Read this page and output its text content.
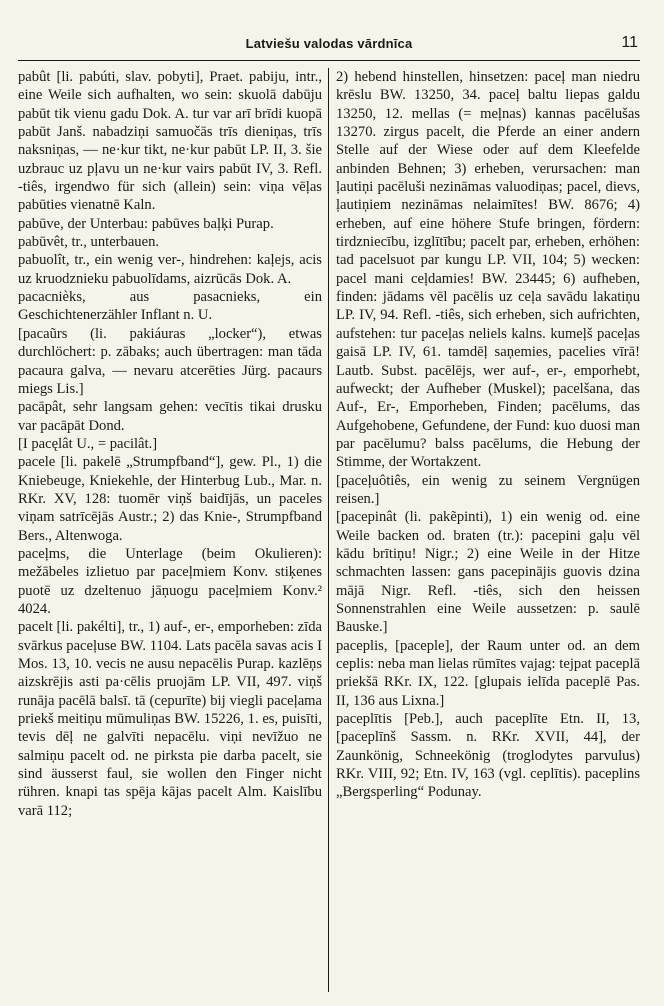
Latviešu valodas vārdnīca	11

pabût [li. pabúti, slav. pobyti], Praet. pabiju, intr., eine Weile sich aufhalten, wo sein: skuolā dabūju pabūt tik vienu gadu Dok. A. tur var arī brīdi kuopā pabūt Janš. nabadziņi samuočās trīs dieniņas, trīs naksniņas, — ne·kur tikt, ne·kur pabūt LP. II, 3. šie uzbrauc uz pļavu un ne·kur vairs pabūt IV, 3. Refl. -tiês, irgendwo für sich (allein) sein: viņa vēļas pabūties vienatnē Kaln.

pabūve, der Unterbau: pabūves baļķi Purap.

pabūvêt, tr., unterbauen.

pabuolît, tr., ein wenig ver-, hindrehen: kaļejs, acis uz kruodznieku pabuolīdams, aizrūcās Dok. A.

pacacnièks, aus pasacnieks, ein Geschichtenerzähler Inflant n. U.

[pacaũrs (li. pakiáuras „locker“), etwas durchlöchert: p. zābaks; auch übertragen: man tāda pacaura galva, — nevaru atcerēties Jürg. pacaurs miegs Lis.]

pacāpât, sehr langsam gehen: vecītis tikai drusku var pacāpāt Dond.

[I pacęlât U., = pacilât.]

pacele [li. pakelē „Strumpfband“], gew. Pl., 1) die Kniebeuge, Kniekehle, der Hinterbug Lub., Mar. n. RKr. XV, 128: tuomēr viņš baidījās, un paceles viņam satrīcējās Austr.; 2) das Knie-, Strumpfband Bers., Altenwoga.

paceļms, die Unterlage (beim Okulieren): mežābeles izlietuo par paceļmiem Konv. stiķenes puotē uz dzeltenuo jāņuogu paceļmiem Konv.² 4024.

pacelt [li. pakélti], tr., 1) auf-, er-, emporheben: zīda svārkus paceļuse BW. 1104. Lats pacēla savas acis I Mos. 13, 10. vecis ne ausu nepacēlis Purap. kazlēņs aizskrējis asti pa·cēlis pruojām LP. VII, 497. viņš runāja pacēlā balsī. tā (cepurīte) bij viegli paceļama priekš meitiņu mūmuliņas BW. 15226, 1. es, puisīti, tevis dēļ ne galvīti nepacēlu. viņi nevīžuo ne salmiņu pacelt od. ne pirksta pie darba pacelt, sie sind äusserst faul, sie wollen den Finger nicht rühren. knapi tas spēja kājas pacelt Alm. Kaislību varā 112;

2) hebend hinstellen, hinsetzen: paceļ man niedru krēslu BW. 13250, 34. paceļ baltu liepas galdu 13250, 12. mellas (= meļnas) kannas pacēlušas 13270. zirgus pacelt, die Pferde an einer andern Stelle auf der Wiese oder auf dem Kleefelde anbinden Behnen; 3) erheben, verursachen: man ļautiņi pacēluši nezināmas valuodiņas; pacel, dievs, ļautiņiem nezināmas nelaimītes! BW. 8676; 4) erheben, auf eine höhere Stufe bringen, fördern: tirdzniecību, izglītību; pacelt par, erheben, erhöhen: tad pacelsuot par kungu LP. VII, 104; 5) wecken: pacel mani ceļdamies! BW. 23445; 6) aufheben, finden: jādams vēl pacēlis uz ceļa savādu lakatiņu LP. IV, 94. Refl. -tiês, sich erheben, sich aufrichten, aufstehen: tur paceļas neliels kalns. kumeļš paceļas gaisā LP. IV, 61. tamdēļ saņemies, pacelies vīrā! Lautb. Subst. pacēlējs, wer auf-, er-, emporhebt, aufweckt; der Aufheber (Muskel); pacelšana, das Auf-, Er-, Emporheben, Finden; pacēlums, das Aufgehobene, Gefundene, der Fund: kuo duosi man par pacēlumu? balss pacēlums, die Hebung der Stimme, der Wortakzent.

[paceļuôtiês, ein wenig zu seinem Vergnügen reisen.]

[pacepinât (li. pakẽpinti), 1) ein wenig od. eine Weile backen od. braten (tr.): pacepini gaļu vēl kādu brītiņu! Nigr.; 2) eine Weile in der Hitze schmachten lassen: gans pacepinājis guovis dzina mājā Nigr. Refl. -tiês, sich den heissen Sonnenstrahlen eine Weile aussetzen: p. saulē Bauske.]

paceplis, [paceple], der Raum unter od. an dem ceplis: neba man lielas rūmītes vajag: tejpat paceplā priekšā RKr. IX, 122. [glupais ielīda paceplē Pas. II, 136 aus Lixna.]

paceplītis [Peb.], auch paceplīte Etn. II, 13, [paceplīnš Sassm. n. RKr. XVII, 44], der Zaunkönig, Schneekönig (troglodytes parvulus) RKr. VIII, 92; Etn. IV, 163 (vgl. ceplītis). paceplins „Bergsperling“ Podunay.
